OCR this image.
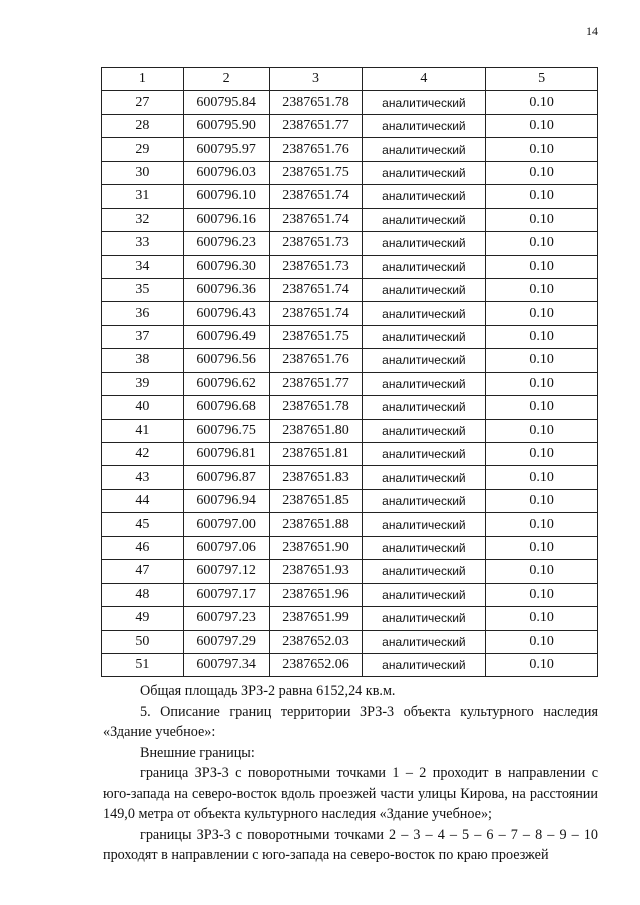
14
1	2	3	4	5
27	600795.84	2387651.78	аналитический	0.10
28	600795.90	2387651.77	аналитический	0.10
29	600795.97	2387651.76	аналитический	0.10
30	600796.03	2387651.75	аналитический	0.10
31	600796.10	2387651.74	аналитический	0.10
32	600796.16	2387651.74	аналитический	0.10
33	600796.23	2387651.73	аналитический	0.10
34	600796.30	2387651.73	аналитический	0.10
35	600796.36	2387651.74	аналитический	0.10
36	600796.43	2387651.74	аналитический	0.10
37	600796.49	2387651.75	аналитический	0.10
38	600796.56	2387651.76	аналитический	0.10
39	600796.62	2387651.77	аналитический	0.10
40	600796.68	2387651.78	аналитический	0.10
41	600796.75	2387651.80	аналитический	0.10
42	600796.81	2387651.81	аналитический	0.10
43	600796.87	2387651.83	аналитический	0.10
44	600796.94	2387651.85	аналитический	0.10
45	600797.00	2387651.88	аналитический	0.10
46	600797.06	2387651.90	аналитический	0.10
47	600797.12	2387651.93	аналитический	0.10
48	600797.17	2387651.96	аналитический	0.10
49	600797.23	2387651.99	аналитический	0.10
50	600797.29	2387652.03	аналитический	0.10
51	600797.34	2387652.06	аналитический	0.10

Общая площадь ЗРЗ-2 равна 6152,24 кв.м.

5. Описание границ территории ЗРЗ-3 объекта культурного наследия «Здание учебное»:

Внешние границы:

граница ЗРЗ-3 с поворотными точками 1 – 2 проходит в направлении с юго-запада на северо-восток вдоль проезжей части улицы Кирова, на расстоянии 149,0 метра от объекта культурного наследия «Здание учебное»;

границы ЗРЗ-3 с поворотными точками 2 – 3 – 4 – 5 – 6 – 7 – 8 – 9 – 10 проходят в направлении с юго-запада на северо-восток по краю проезжей
